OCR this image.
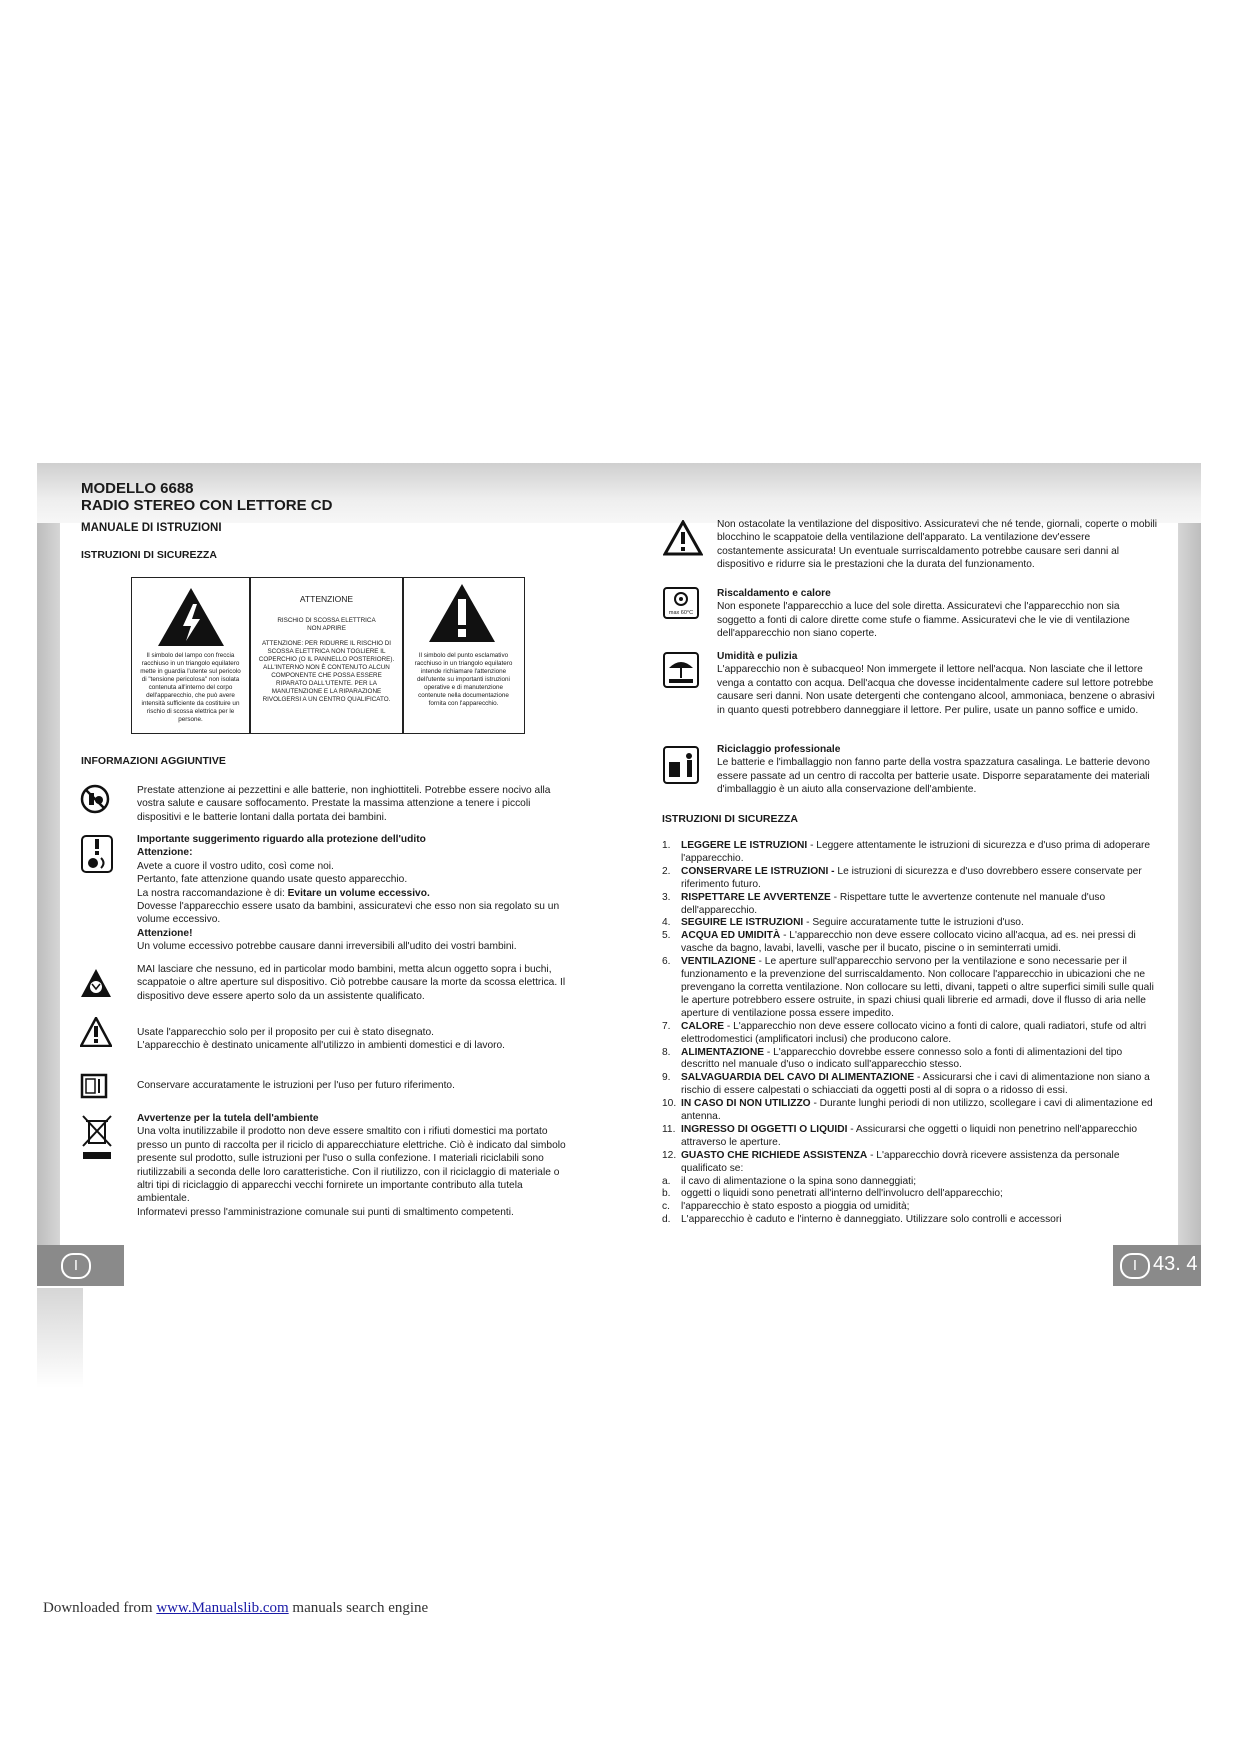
MODELLO 6688
RADIO STEREO CON LETTORE CD
MANUALE DI ISTRUZIONI
ISTRUZIONI DI SICUREZZA
Il simbolo del lampo con freccia racchiuso in un triangolo equilatero mette in guardia l'utente sul pericolo di "tensione pericolosa" non isolata contenuta all'interno del corpo dell'apparecchio, che può avere intensità sufficiente da costituire un rischio di scossa elettrica per le persone.
ATTENZIONE
RISCHIO DI SCOSSA ELETTRICA NON APRIRE
ATTENZIONE: PER RIDURRE IL RISCHIO DI SCOSSA ELETTRICA NON TOGLIERE IL COPERCHIO (O IL PANNELLO POSTERIORE). ALL'INTERNO NON È CONTENUTO ALCUN COMPONENTE CHE POSSA ESSERE RIPARATO DALL'UTENTE. PER LA MANUTENZIONE E LA RIPARAZIONE RIVOLGERSI A UN CENTRO QUALIFICATO.
Il simbolo del punto esclamativo racchiuso in un triangolo equilatero intende richiamare l'attenzione dell'utente su importanti istruzioni operative e di manutenzione contenute nella documentazione fornita con l'apparecchio.
INFORMAZIONI AGGIUNTIVE
Prestate attenzione ai pezzettini e alle batterie, non inghiottiteli. Potrebbe essere nocivo alla vostra salute e causare soffocamento. Prestate la massima attenzione a tenere i piccoli dispositivi e le batterie lontani dalla portata dei bambini.
Importante suggerimento riguardo alla protezione dell'udito
Attenzione:
Avete a cuore il vostro udito, così come noi.
Pertanto, fate attenzione quando usate questo apparecchio.
La nostra raccomandazione è di: Evitare un volume eccessivo.
Dovesse l'apparecchio essere usato da bambini, assicuratevi che esso non sia regolato su un volume eccessivo.
Attenzione!
Un volume eccessivo potrebbe causare danni irreversibili all'udito dei vostri bambini.
MAI lasciare che nessuno, ed in particolar modo bambini, metta alcun oggetto sopra i buchi, scappatoie o altre aperture sul dispositivo. Ciò potrebbe causare la morte da scossa elettrica. Il dispositivo deve essere aperto solo da un assistente qualificato.
Usate l'apparecchio solo per il proposito per cui è stato disegnato.
L'apparecchio è destinato unicamente all'utilizzo in ambienti domestici e di lavoro.
Conservare accuratamente le istruzioni per l'uso per futuro riferimento.
Avvertenze per la tutela dell'ambiente
Una volta inutilizzabile il prodotto non deve essere smaltito con i rifiuti domestici ma portato presso un punto di raccolta per il riciclo di apparecchiature elettriche. Ciò è indicato dal simbolo presente sul prodotto, sulle istruzioni per l'uso o sulla confezione. I materiali riciclabili sono riutilizzabili a seconda delle loro caratteristiche. Con il riutilizzo, con il riciclaggio di materiale o altri tipi di riciclaggio di apparecchi vecchi fornirete un importante contributo alla tutela ambientale.
Informatevi presso l'amministrazione comunale sui punti di smaltimento competenti.
I
Non ostacolate la ventilazione del dispositivo. Assicuratevi che né tende, giornali, coperte o mobili blocchino le scappatoie della ventilazione dell'apparato. La ventilazione dev'essere costantemente assicurata! Un eventuale surriscaldamento potrebbe causare seri danni al dispositivo e ridurre sia le prestazioni che la durata del funzionamento.
max 60°C
Riscaldamento e calore
Non esponete l'apparecchio a luce del sole diretta. Assicuratevi che l'apparecchio non sia soggetto a fonti di calore dirette come stufe o fiamme. Assicuratevi che le vie di ventilazione dell'apparecchio non siano coperte.
Umidità e pulizia
L'apparecchio non è subacqueo! Non immergete il lettore nell'acqua. Non lasciate che il lettore venga a contatto con acqua. Dell'acqua che dovesse incidentalmente cadere sul lettore potrebbe causare seri danni. Non usate detergenti che contengano alcool, ammoniaca, benzene o abrasivi in quanto questi potrebbero danneggiare il lettore. Per pulire, usate un panno soffice e umido.
Riciclaggio professionale
Le batterie e l'imballaggio non fanno parte della vostra spazzatura casalinga. Le batterie devono essere passate ad un centro di raccolta per batterie usate. Disporre separatamente dei materiali d'imballaggio è un aiuto alla conservazione dell'ambiente.
ISTRUZIONI DI SICUREZZA
1. LEGGERE LE ISTRUZIONI - Leggere attentamente le istruzioni di sicurezza e d'uso prima di adoperare l'apparecchio.
2. CONSERVARE LE ISTRUZIONI - Le istruzioni di sicurezza e d'uso dovrebbero essere conservate per riferimento futuro.
3. RISPETTARE LE AVVERTENZE - Rispettare tutte le avvertenze contenute nel manuale d'uso dell'apparecchio.
4. SEGUIRE LE ISTRUZIONI - Seguire accuratamente tutte le istruzioni d'uso.
5. ACQUA ED UMIDITÀ - L'apparecchio non deve essere collocato vicino all'acqua, ad es. nei pressi di vasche da bagno, lavabi, lavelli, vasche per il bucato, piscine o in seminterrati umidi.
6. VENTILAZIONE - Le aperture sull'apparecchio servono per la ventilazione e sono necessarie per il funzionamento e la prevenzione del surriscaldamento. Non collocare l'apparecchio in ubicazioni che ne prevengano la corretta ventilazione. Non collocare su letti, divani, tappeti o altre superfici simili sulle quali le aperture potrebbero essere ostruite, in spazi chiusi quali librerie ed armadi, dove il flusso di aria nelle aperture di ventilazione possa essere impedito.
7. CALORE - L'apparecchio non deve essere collocato vicino a fonti di calore, quali radiatori, stufe od altri elettrodomestici (amplificatori inclusi) che producono calore.
8. ALIMENTAZIONE - L'apparecchio dovrebbe essere connesso solo a fonti di alimentazioni del tipo descritto nel manuale d'uso o indicato sull'apparecchio stesso.
9. SALVAGUARDIA DEL CAVO DI ALIMENTAZIONE - Assicurarsi che i cavi di alimentazione non siano a rischio di essere calpestati o schiacciati da oggetti posti al di sopra o a ridosso di essi.
10. IN CASO DI NON UTILIZZO - Durante lunghi periodi di non utilizzo, scollegare i cavi di alimentazione ed antenna.
11. INGRESSO DI OGGETTI O LIQUIDI - Assicurarsi che oggetti o liquidi non penetrino nell'apparecchio attraverso le aperture.
12. GUASTO CHE RICHIEDE ASSISTENZA - L'apparecchio dovrà ricevere assistenza da personale qualificato se:
a. il cavo di alimentazione o la spina sono danneggiati;
b. oggetti o liquidi sono penetrati all'interno dell'involucro dell'apparecchio;
c. l'apparecchio è stato esposto a pioggia od umidità;
d. L'apparecchio è caduto e l'interno è danneggiato. Utilizzare solo controlli e accessori
I 43. 4
Downloaded from www.Manualslib.com manuals search engine
